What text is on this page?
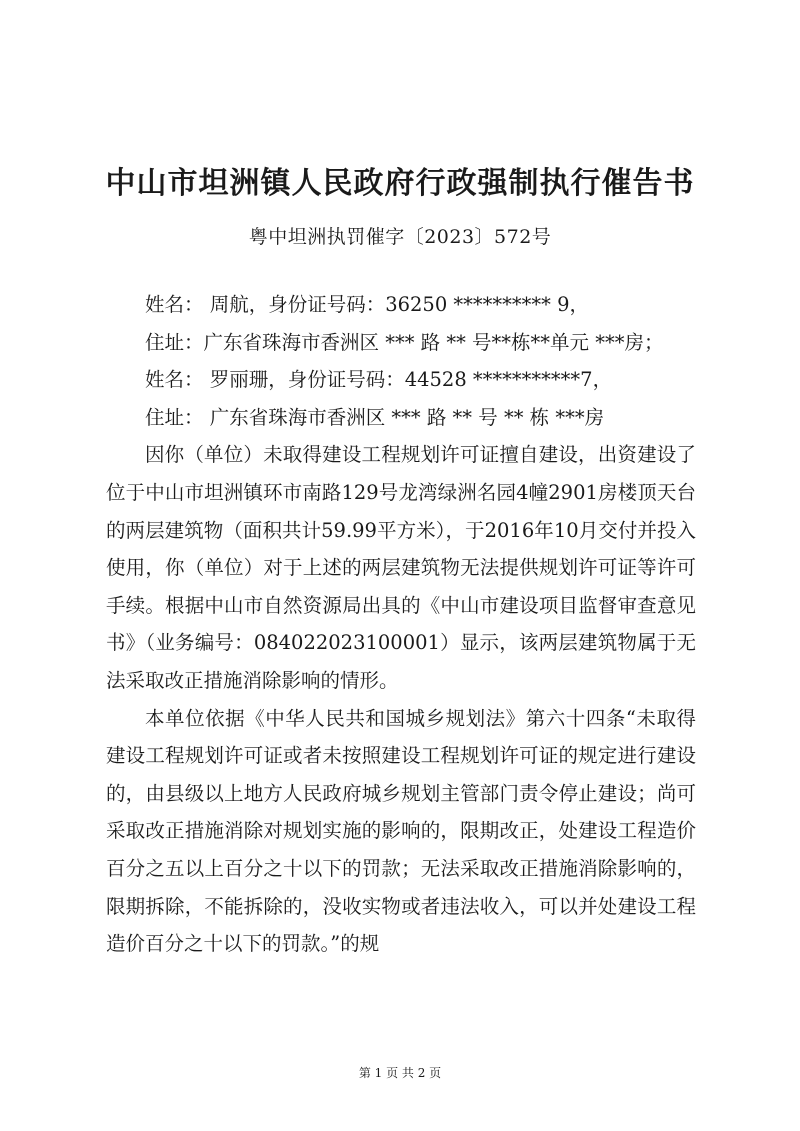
中山市坦洲镇人民政府行政强制执行催告书
粤中坦洲执罚催字〔2023〕572号

姓名： 周航，身份证号码：36250 ********** 9，

住址：广东省珠海市香洲区 *** 路 ** 号**栋**单元 ***房；

姓名： 罗丽珊，身份证号码：44528 ***********7，

住址： 广东省珠海市香洲区 *** 路 ** 号 ** 栋 ***房

因你（单位）未取得建设工程规划许可证擅自建设，出资建设了位于中山市坦洲镇环市南路129号龙湾绿洲名园4幢2901房楼顶天台的两层建筑物（面积共计59.99平方米），于2016年10月交付并投入使用，你（单位）对于上述的两层建筑物无法提供规划许可证等许可手续。根据中山市自然资源局出具的《中山市建设项目监督审查意见书》（业务编号：084022023100001）显示，该两层建筑物属于无法采取改正措施消除影响的情形。

本单位依据《中华人民共和国城乡规划法》第六十四条“未取得建设工程规划许可证或者未按照建设工程规划许可证的规定进行建设的，由县级以上地方人民政府城乡规划主管部门责令停止建设；尚可采取改正措施消除对规划实施的影响的，限期改正，处建设工程造价百分之五以上百分之十以下的罚款；无法采取改正措施消除影响的，限期拆除，不能拆除的，没收实物或者违法收入，可以并处建设工程造价百分之十以下的罚款。”的规

第 1 页 共 2 页
